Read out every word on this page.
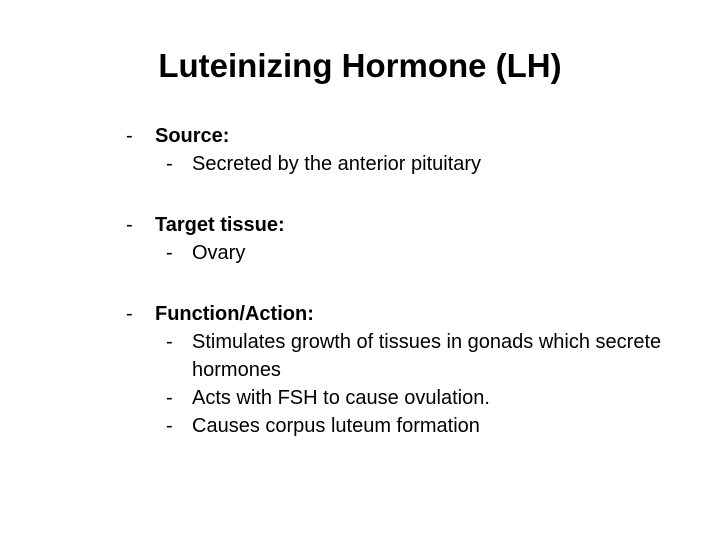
Luteinizing Hormone (LH)
-	Source:
- Secreted by the anterior pituitary
-	Target tissue:
- Ovary
-	Function/Action:
- Stimulates growth of tissues in gonads which secrete hormones
- Acts with FSH to cause ovulation.
- Causes corpus luteum formation
